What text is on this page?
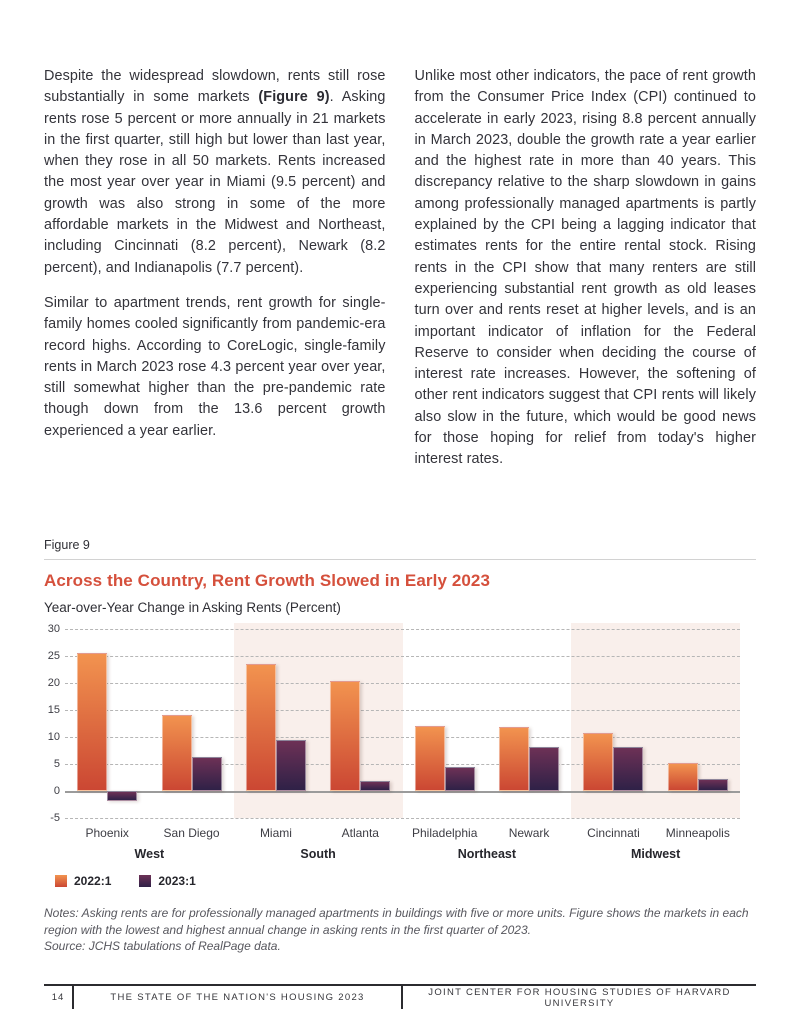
Despite the widespread slowdown, rents still rose substantially in some markets (Figure 9). Asking rents rose 5 percent or more annually in 21 markets in the first quarter, still high but lower than last year, when they rose in all 50 markets. Rents increased the most year over year in Miami (9.5 percent) and growth was also strong in some of the more affordable markets in the Midwest and Northeast, including Cincinnati (8.2 percent), Newark (8.2 percent), and Indianapolis (7.7 percent).

Similar to apartment trends, rent growth for single-family homes cooled significantly from pandemic-era record highs. According to CoreLogic, single-family rents in March 2023 rose 4.3 percent year over year, still somewhat higher than the pre-pandemic rate though down from the 13.6 percent growth experienced a year earlier.

Unlike most other indicators, the pace of rent growth from the Consumer Price Index (CPI) continued to accelerate in early 2023, rising 8.8 percent annually in March 2023, double the growth rate a year earlier and the highest rate in more than 40 years. This discrepancy relative to the sharp slowdown in gains among professionally managed apartments is partly explained by the CPI being a lagging indicator that estimates rents for the entire rental stock. Rising rents in the CPI show that many renters are still experiencing substantial rent growth as old leases turn over and rents reset at higher levels, and is an important indicator of inflation for the Federal Reserve to consider when deciding the course of interest rate increases. However, the softening of other rent indicators suggest that CPI rents will likely also slow in the future, which would be good news for those hoping for relief from today's higher interest rates.

Figure 9
Across the Country, Rent Growth Slowed in Early 2023
Year-over-Year Change in Asking Rents (Percent)
30
25
20
15
10
5
0
-5
Phoenix	San Diego	Miami	Atlanta	Philadelphia	Newark	Cincinnati	Minneapolis
West	South	Northeast	Midwest
2022:1	2023:1
Notes: Asking rents are for professionally managed apartments in buildings with five or more units. Figure shows the markets in each region with the lowest and highest annual change in asking rents in the first quarter of 2023.
Source: JCHS tabulations of RealPage data.
14	THE STATE OF THE NATION'S HOUSING 2023	JOINT CENTER FOR HOUSING STUDIES OF HARVARD UNIVERSITY
